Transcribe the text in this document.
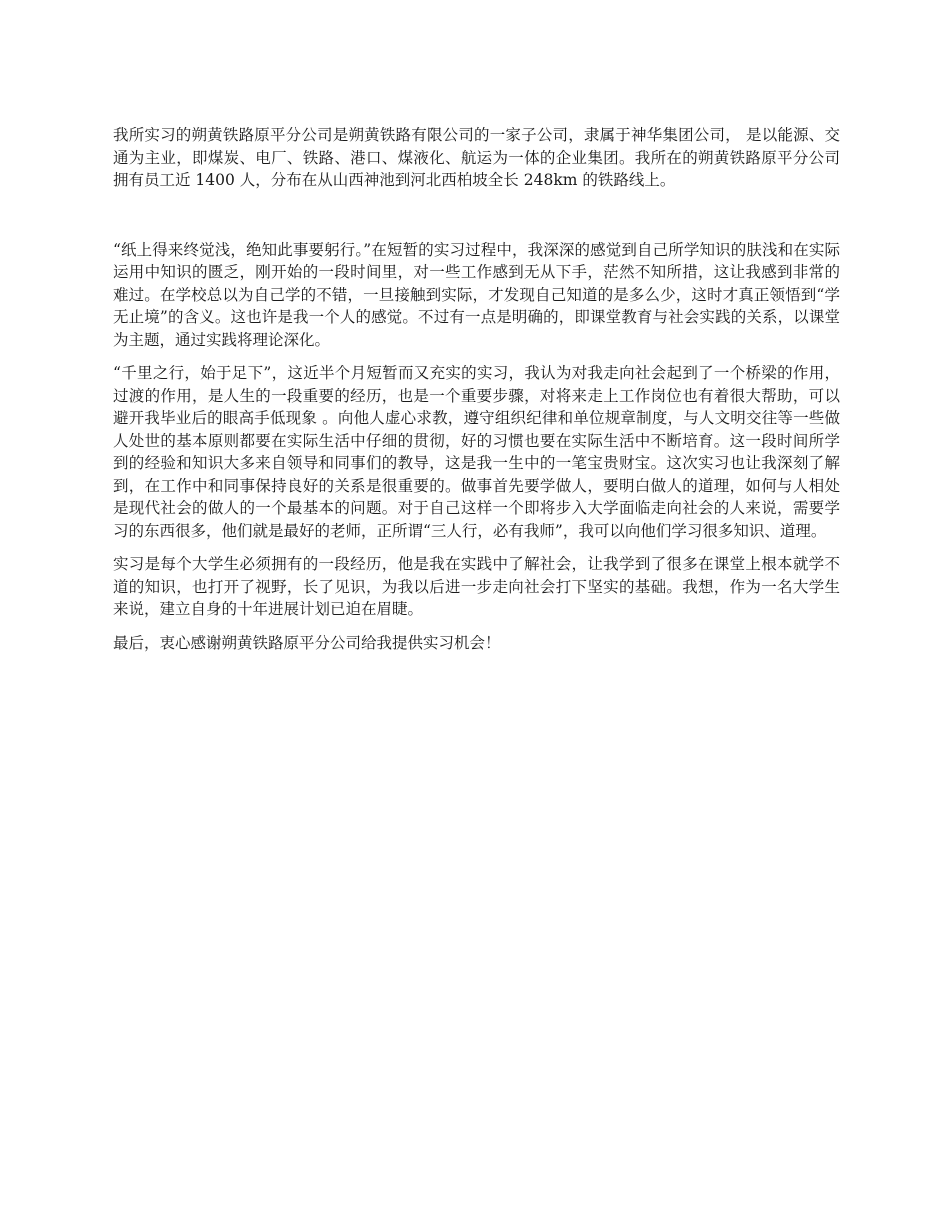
我所实习的朔黄铁路原平分公司是朔黄铁路有限公司的一家子公司，隶属于神华集团公司， 是以能源、交通为主业，即煤炭、电厂、铁路、港口、煤液化、航运为一体的企业集团。我所在的朔黄铁路原平分公司拥有员工近 1400 人，分布在从山西神池到河北西柏坡全长 248km 的铁路线上。

“纸上得来终觉浅，绝知此事要躬行。”在短暂的实习过程中，我深深的感觉到自己所学知识的肤浅和在实际运用中知识的匮乏，刚开始的一段时间里，对一些工作感到无从下手，茫然不知所措，这让我感到非常的难过。在学校总以为自己学的不错，一旦接触到实际，才发现自己知道的是多么少，这时才真正领悟到“学无止境”的含义。这也许是我一个人的感觉。不过有一点是明确的，即课堂教育与社会实践的关系，以课堂为主题，通过实践将理论深化。

“千里之行，始于足下”，这近半个月短暂而又充实的实习，我认为对我走向社会起到了一个桥梁的作用，过渡的作用，是人生的一段重要的经历，也是一个重要步骤，对将来走上工作岗位也有着很大帮助，可以避开我毕业后的眼高手低现象 。向他人虚心求教，遵守组织纪律和单位规章制度，与人文明交往等一些做人处世的基本原则都要在实际生活中仔细的贯彻，好的习惯也要在实际生活中不断培育。这一段时间所学到的经验和知识大多来自领导和同事们的教导，这是我一生中的一笔宝贵财宝。这次实习也让我深刻了解到，在工作中和同事保持良好的关系是很重要的。做事首先要学做人，要明白做人的道理，如何与人相处是现代社会的做人的一个最基本的问题。对于自己这样一个即将步入大学面临走向社会的人来说，需要学习的东西很多，他们就是最好的老师，正所谓“三人行，必有我师”，我可以向他们学习很多知识、道理。

实习是每个大学生必须拥有的一段经历，他是我在实践中了解社会，让我学到了很多在课堂上根本就学不道的知识，也打开了视野，长了见识，为我以后进一步走向社会打下坚实的基础。我想，作为一名大学生来说，建立自身的十年进展计划已迫在眉睫。

最后，衷心感谢朔黄铁路原平分公司给我提供实习机会！
